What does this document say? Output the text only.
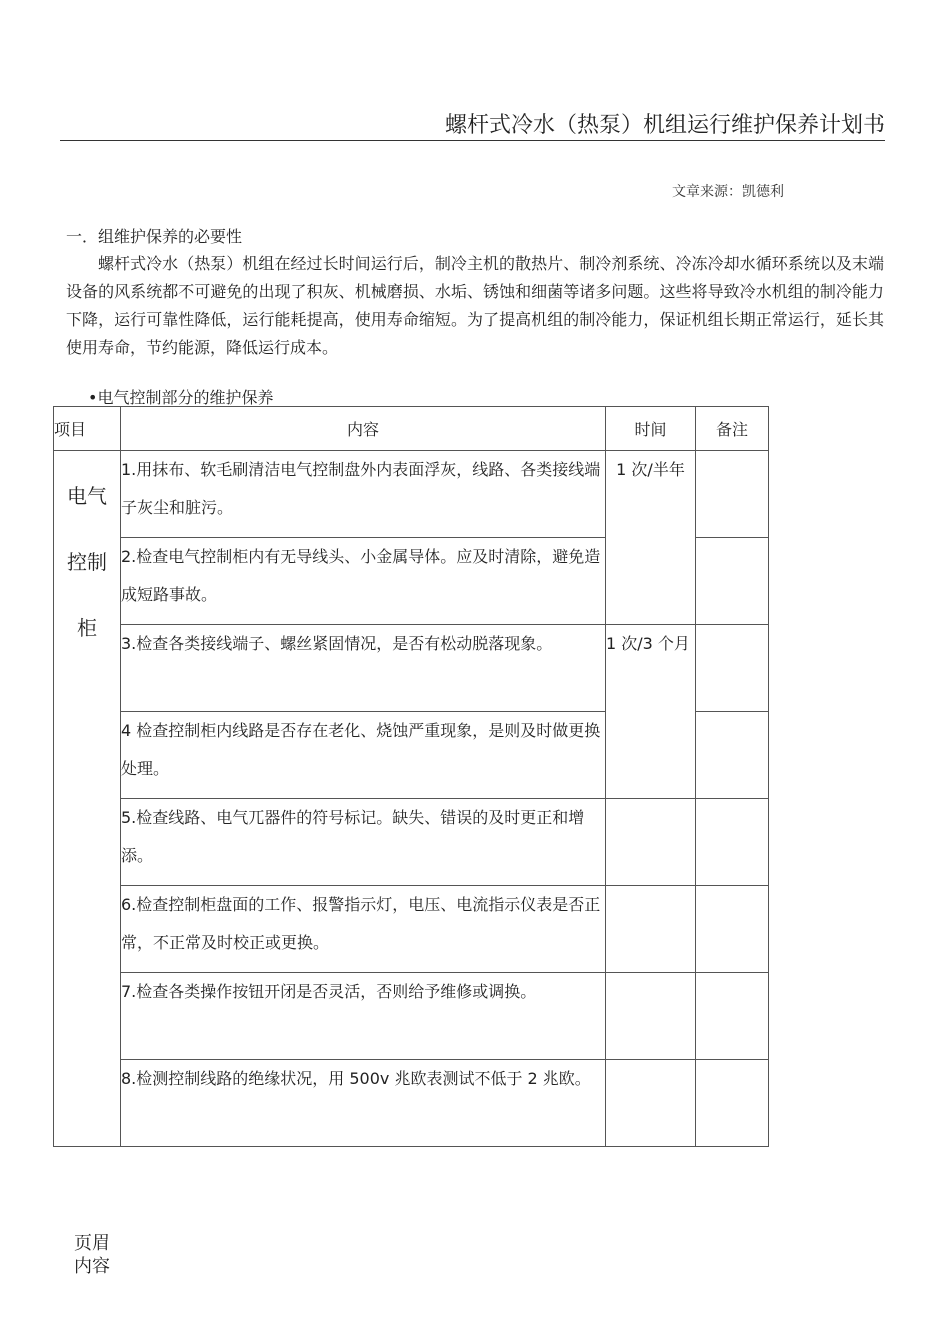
螺杆式冷水（热泵）机组运行维护保养计划书
文章来源：凯德利
一．组维护保养的必要性
螺杆式冷水（热泵）机组在经过长时间运行后，制冷主机的散热片、制冷剂系统、冷冻冷却水循环系统以及末端设备的风系统都不可避免的出现了积灰、机械磨损、水垢、锈蚀和细菌等诸多问题。这些将导致冷水机组的制冷能力下降，运行可靠性降低，运行能耗提高，使用寿命缩短。为了提高机组的制冷能力，保证机组长期正常运行，延长其使用寿命，节约能源，降低运行成本。
•电气控制部分的维护保养
项目	内容	时间	备注

电气
控制
柜	1.用抹布、软毛刷清洁电气控制盘外内表面浮灰，线路、各类接线端子灰尘和脏污。	1 次/半年	
	2.检查电气控制柜内有无导线头、小金属导体。应及时清除，避免造成短路事故。		
	3.检查各类接线端子、螺丝紧固情况，是否有松动脱落现象。	1 次/3 个月	
	4 检查控制柜内线路是否存在老化、烧蚀严重现象，是则及时做更换处理。		
	5.检查线路、电气兀器件的符号标记。缺失、错误的及时更正和增添。		
	6.检查控制柜盘面的工作、报警指示灯，电压、电流指示仪表是否正常，不正常及时校正或更换。		
	7.检查各类操作按钮开闭是否灵活，否则给予维修或调换。		
	8.检测控制线路的绝缘状况，用 500v 兆欧表测试不低于 2 兆欧。		
页眉
内容
